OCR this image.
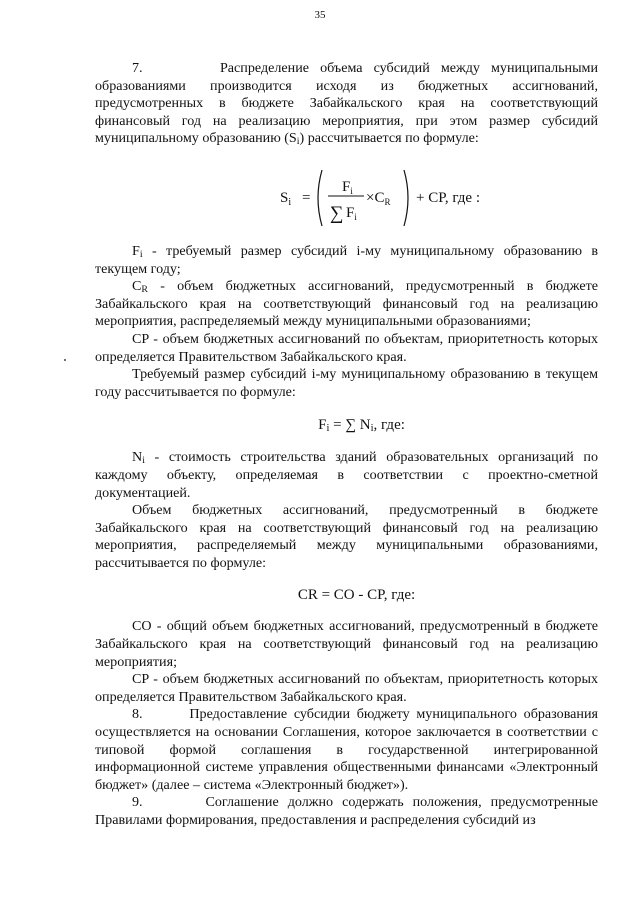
35

7.       Распределение объема субсидий между муниципальными образованиями производится исходя из бюджетных ассигнований, предусмотренных в бюджете Забайкальского края на соответствующий финансовый год на реализацию мероприятия, при этом размер субсидий муниципальному образованию $(S_i)$ рассчитывается по формуле:

$S_i$ =
$F_i$
∑ $F_i$
$\times C_R$ + CP, где :

$F_i$ - требуемый размер субсидий i-му муниципальному образованию в текущем году;

$C_R$ - объем бюджетных ассигнований, предусмотренный в бюджете Забайкальского края на соответствующий финансовый год на реализацию мероприятия, распределяемый между муниципальными образованиями;

CP - объем бюджетных ассигнований по объектам, приоритетность которых определяется Правительством Забайкальского края.

Требуемый размер субсидий i-му муниципальному образованию в текущем году рассчитывается по формуле:

$F_i$ = ∑ $N_i$, где:

$N_i$ - стоимость строительства зданий образовательных организаций по каждому объекту, определяемая в соответствии с проектно-сметной документацией.

Объем бюджетных ассигнований, предусмотренный в бюджете Забайкальского края на соответствующий финансовый год на реализацию мероприятия, распределяемый между муниципальными образованиями, рассчитывается по формуле:

CR = CO - CP, где:

CO - общий объем бюджетных ассигнований, предусмотренный в бюджете Забайкальского края на соответствующий финансовый год на реализацию мероприятия;

CP - объем бюджетных ассигнований по объектам, приоритетность которых определяется Правительством Забайкальского края.

8.       Предоставление субсидии бюджету муниципального образования осуществляется на основании Соглашения, которое заключается в соответствии с типовой формой соглашения в государственной интегрированной информационной системе управления общественными финансами «Электронный бюджет» (далее – система «Электронный бюджет»).

9.       Соглашение должно содержать положения, предусмотренные Правилами формирования, предоставления и распределения субсидий из
